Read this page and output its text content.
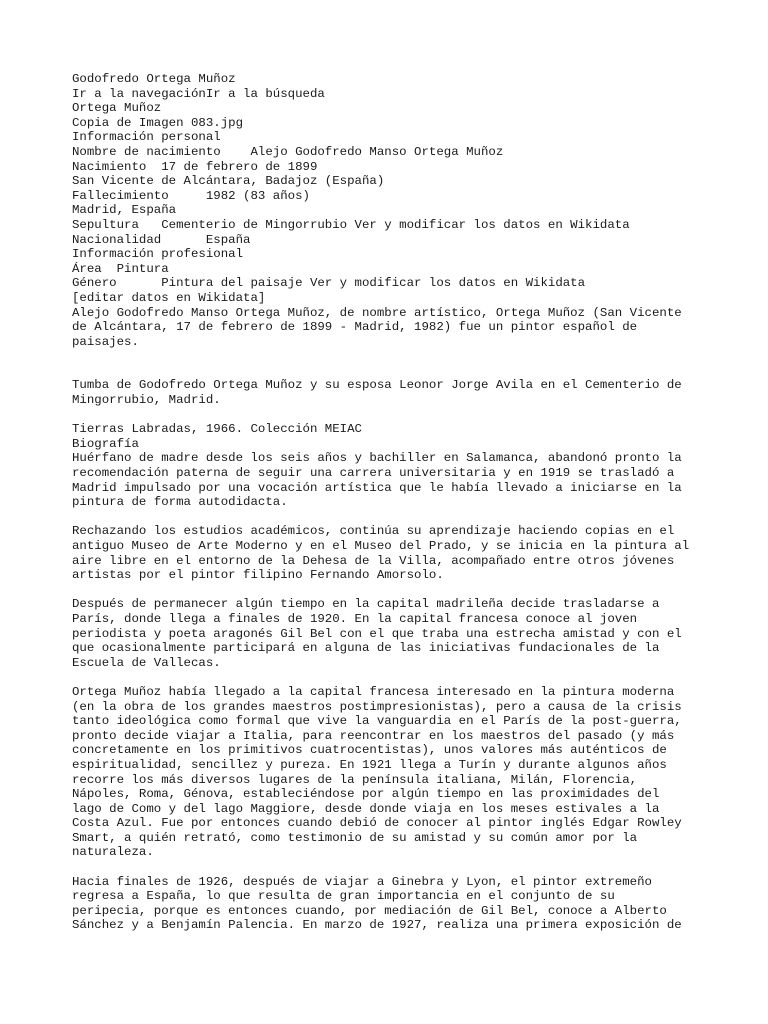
Godofredo Ortega Muñoz
Ir a la navegaciónIr a la búsqueda
Ortega Muñoz
Copia de Imagen 083.jpg
Información personal
Nombre de nacimiento    Alejo Godofredo Manso Ortega Muñoz
Nacimiento  17 de febrero de 1899
San Vicente de Alcántara, Badajoz (España)
Fallecimiento     1982 (83 años)
Madrid, España
Sepultura   Cementerio de Mingorrubio Ver y modificar los datos en Wikidata
Nacionalidad      España
Información profesional
Área  Pintura
Género      Pintura del paisaje Ver y modificar los datos en Wikidata
[editar datos en Wikidata]
Alejo Godofredo Manso Ortega Muñoz, de nombre artístico, Ortega Muñoz (San Vicente
de Alcántara, 17 de febrero de 1899 - Madrid, 1982) fue un pintor español de
paisajes.
Tumba de Godofredo Ortega Muñoz y su esposa Leonor Jorge Avila en el Cementerio de
Mingorrubio, Madrid.
Tierras Labradas, 1966. Colección MEIAC
Biografía
Huérfano de madre desde los seis años y bachiller en Salamanca, abandonó pronto la
recomendación paterna de seguir una carrera universitaria y en 1919 se trasladó a
Madrid impulsado por una vocación artística que le había llevado a iniciarse en la
pintura de forma autodidacta.
Rechazando los estudios académicos, continúa su aprendizaje haciendo copias en el
antiguo Museo de Arte Moderno y en el Museo del Prado, y se inicia en la pintura al
aire libre en el entorno de la Dehesa de la Villa, acompañado entre otros jóvenes
artistas por el pintor filipino Fernando Amorsolo.
Después de permanecer algún tiempo en la capital madrileña decide trasladarse a
París, donde llega a finales de 1920. En la capital francesa conoce al joven
periodista y poeta aragonés Gil Bel con el que traba una estrecha amistad y con el
que ocasionalmente participará en alguna de las iniciativas fundacionales de la
Escuela de Vallecas.
Ortega Muñoz había llegado a la capital francesa interesado en la pintura moderna
(en la obra de los grandes maestros postimpresionistas), pero a causa de la crisis
tanto ideológica como formal que vive la vanguardia en el París de la post-guerra,
pronto decide viajar a Italia, para reencontrar en los maestros del pasado (y más
concretamente en los primitivos cuatrocentistas), unos valores más auténticos de
espiritualidad, sencillez y pureza. En 1921 llega a Turín y durante algunos años
recorre los más diversos lugares de la península italiana, Milán, Florencia,
Nápoles, Roma, Génova, estableciéndose por algún tiempo en las proximidades del
lago de Como y del lago Maggiore, desde donde viaja en los meses estivales a la
Costa Azul. Fue por entonces cuando debió de conocer al pintor inglés Edgar Rowley
Smart, a quién retrató, como testimonio de su amistad y su común amor por la
naturaleza.
Hacia finales de 1926, después de viajar a Ginebra y Lyon, el pintor extremeño
regresa a España, lo que resulta de gran importancia en el conjunto de su
peripecia, porque es entonces cuando, por mediación de Gil Bel, conoce a Alberto
Sánchez y a Benjamín Palencia. En marzo de 1927, realiza una primera exposición de
